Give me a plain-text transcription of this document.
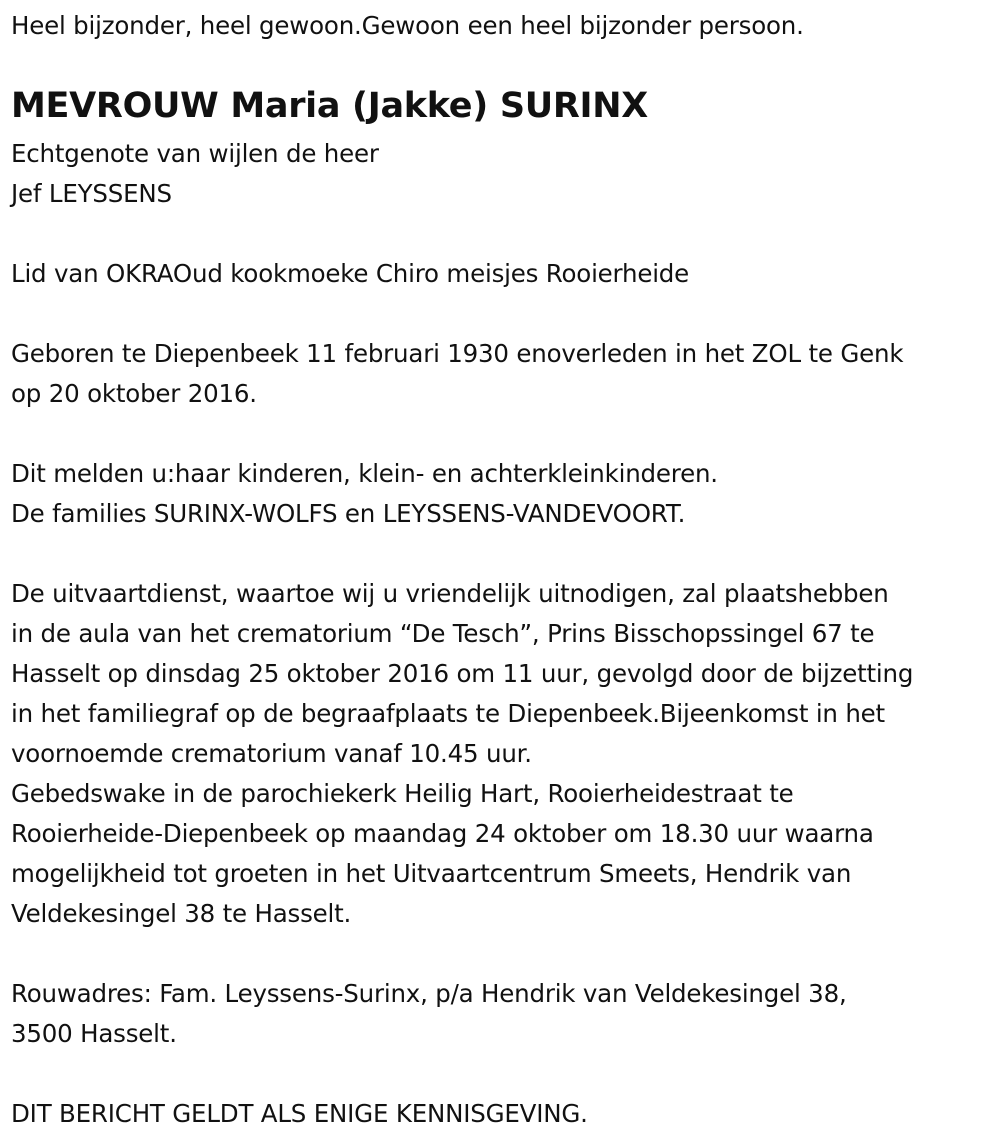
Heel bijzonder, heel gewoon.Gewoon een heel bijzonder persoon.
MEVROUW Maria (Jakke) SURINX
Echtgenote van wijlen de heer
Jef LEYSSENS
Lid van OKRAOud kookmoeke Chiro meisjes Rooierheide
Geboren te Diepenbeek 11 februari 1930 enoverleden in het ZOL te Genk
op 20 oktober 2016.
Dit melden u:haar kinderen, klein- en achterkleinkinderen.
De families SURINX-WOLFS en LEYSSENS-VANDEVOORT.
De uitvaartdienst, waartoe wij u vriendelijk uitnodigen, zal plaatshebben
in de aula van het crematorium “De Tesch”, Prins Bisschopssingel 67 te
Hasselt op dinsdag 25 oktober 2016 om 11 uur, gevolgd door de bijzetting
in het familiegraf op de begraafplaats te Diepenbeek.Bijeenkomst in het
voornoemde crematorium vanaf 10.45 uur.
Gebedswake in de parochiekerk Heilig Hart, Rooierheidestraat te
Rooierheide-Diepenbeek op maandag 24 oktober om 18.30 uur waarna
mogelijkheid tot groeten in het Uitvaartcentrum Smeets, Hendrik van
Veldekesingel 38 te Hasselt.
Rouwadres: Fam. Leyssens-Surinx, p/a Hendrik van Veldekesingel 38,
3500 Hasselt.
DIT BERICHT GELDT ALS ENIGE KENNISGEVING.
